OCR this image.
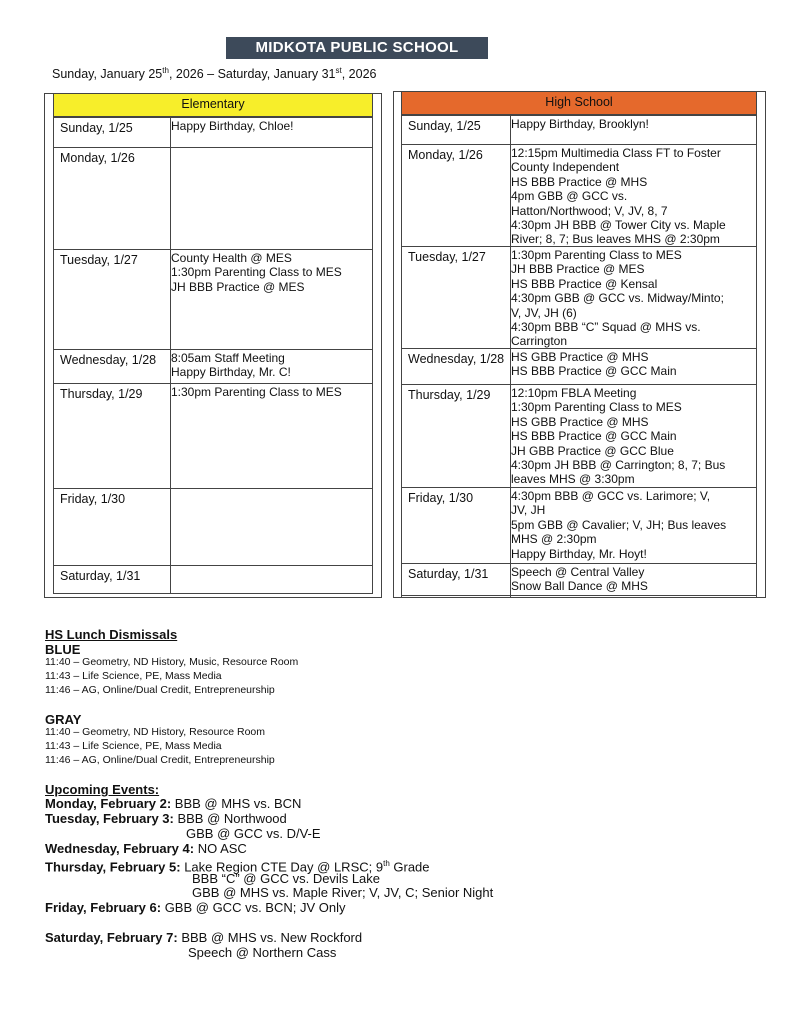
MIDKOTA PUBLIC SCHOOL
Sunday, January 25th, 2026 – Saturday, January 31st, 2026
Elementary
Sunday, 1/25	Happy Birthday, Chloe!
Monday, 1/26
Tuesday, 1/27	County Health @ MES
1:30pm Parenting Class to MES
JH BBB Practice @ MES
Wednesday, 1/28 8:05am Staff Meeting
Happy Birthday, Mr. C!
Thursday, 1/29 1:30pm Parenting Class to MES
Friday, 1/30
Saturday, 1/31
High School
Sunday, 1/25	Happy Birthday, Brooklyn!
Monday, 1/26 12:15pm Multimedia Class FT to Foster
County Independent
HS BBB Practice @ MHS
4pm GBB @ GCC vs.
Hatton/Northwood; V, JV, 8, 7
4:30pm JH BBB @ Tower City vs. Maple
River; 8, 7; Bus leaves MHS @ 2:30pm
Tuesday, 1/27 1:30pm Parenting Class to MES
JH BBB Practice @ MES
HS BBB Practice @ Kensal
4:30pm GBB @ GCC vs. Midway/Minto;
V, JV, JH (6)
4:30pm BBB “C” Squad @ MHS vs.
Carrington
Wednesday, 1/28 HS GBB Practice @ MHS
HS BBB Practice @ GCC Main
Thursday, 1/29 12:10pm FBLA Meeting
1:30pm Parenting Class to MES
HS GBB Practice @ MHS
HS BBB Practice @ GCC Main
JH GBB Practice @ GCC Blue
4:30pm JH BBB @ Carrington; 8, 7; Bus
leaves MHS @ 3:30pm
Friday, 1/30	4:30pm BBB @ GCC vs. Larimore; V,
JV, JH
5pm GBB @ Cavalier; V, JH; Bus leaves
MHS @ 2:30pm
Happy Birthday, Mr. Hoyt!
Saturday, 1/31 Speech @ Central Valley
Snow Ball Dance @ MHS
HS Lunch Dismissals
BLUE
11:40 – Geometry, ND History, Music, Resource Room
11:43 – Life Science, PE, Mass Media
11:46 – AG, Online/Dual Credit, Entrepreneurship
GRAY
11:40 – Geometry, ND History, Resource Room
11:43 – Life Science, PE, Mass Media
11:46 – AG, Online/Dual Credit, Entrepreneurship
Upcoming Events:
Monday, February 2: BBB @ MHS vs. BCN
Tuesday, February 3: BBB @ Northwood
GBB @ GCC vs. D/V-E
Wednesday, February 4: NO ASC
Thursday, February 5: Lake Region CTE Day @ LRSC; 9th Grade
BBB “C” @ GCC vs. Devils Lake
GBB @ MHS vs. Maple River; V, JV, C; Senior Night
Friday, February 6: GBB @ GCC vs. BCN; JV Only
Saturday, February 7: BBB @ MHS vs. New Rockford
Speech @ Northern Cass
